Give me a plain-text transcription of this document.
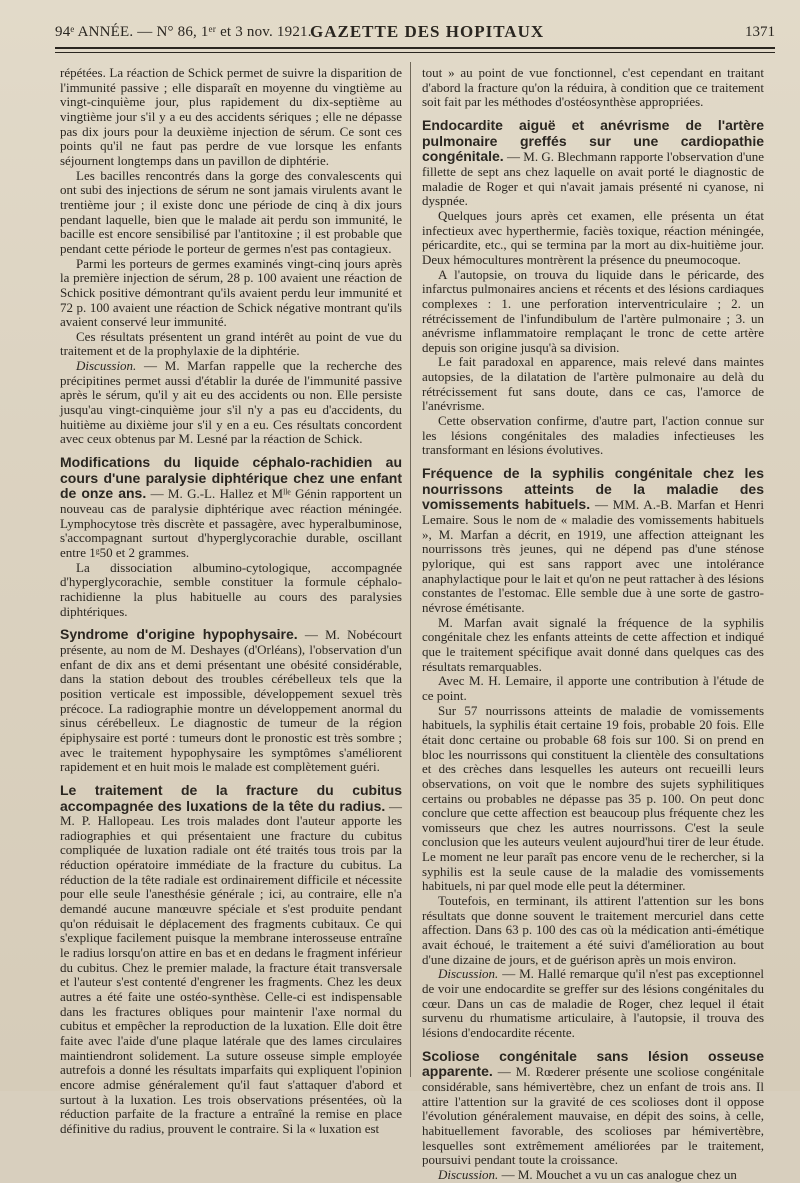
94ᵉ ANNÉE. — N° 86, 1ᵉʳ et 3 nov. 1921.
GAZETTE DES HOPITAUX	1371

répétées. La réaction de Schick permet de suivre la disparition de l'immunité passive ; elle disparaît en moyenne du vingtième au vingt-cinquième jour, plus rapidement du dix-septième au vingtième jour s'il y a eu des accidents sériques ; elle ne dépasse pas dix jours pour la deuxième injection de sérum. Ce sont ces points qu'il ne faut pas perdre de vue lorsque les enfants séjournent longtemps dans un pavillon de diphtérie.

Les bacilles rencontrés dans la gorge des convalescents qui ont subi des injections de sérum ne sont jamais virulents avant le trentième jour ; il existe donc une période de cinq à dix jours pendant laquelle, bien que le malade ait perdu son immunité, le bacille est encore sensibilisé par l'antitoxine ; il est probable que pendant cette période le porteur de germes n'est pas contagieux.

Parmi les porteurs de germes examinés vingt-cinq jours après la première injection de sérum, 28 p. 100 avaient une réaction de Schick positive démontrant qu'ils avaient perdu leur immunité et 72 p. 100 avaient une réaction de Schick négative montrant qu'ils avaient conservé leur immunité.

Ces résultats présentent un grand intérêt au point de vue du traitement et de la prophylaxie de la diphtérie.

Discussion. — M. Marfan rappelle que la recherche des précipitines permet aussi d'établir la durée de l'immunité passive après le sérum, qu'il y ait eu des accidents ou non. Elle persiste jusqu'au vingt-cinquième jour s'il n'y a pas eu d'accidents, du huitième au dixième jour s'il y en a eu. Ces résultats concordent avec ceux obtenus par M. Lesné par la réaction de Schick.

Modifications du liquide céphalo-rachidien au cours d'une paralysie diphtérique chez une enfant de onze ans. — M. G.-L. Hallez et Mˡˡᵉ Génin rapportent un nouveau cas de paralysie diphtérique avec réaction méningée. Lymphocytose très discrète et passagère, avec hyperalbuminose, s'accompagnant surtout d'hyperglycorachie durable, oscillant entre 1ᵍ50 et 2 grammes.

La dissociation albumino-cytologique, accompagnée d'hyperglycorachie, semble constituer la formule céphalo-rachidienne la plus habituelle au cours des paralysies diphtériques.

Syndrome d'origine hypophysaire. — M. Nobécourt présente, au nom de M. Deshayes (d'Orléans), l'observation d'un enfant de dix ans et demi présentant une obésité considérable, dans la station debout des troubles cérébelleux tels que la position verticale est impossible, développement sexuel très précoce. La radiographie montre un développement anormal du sinus cérébelleux. Le diagnostic de tumeur de la région épiphysaire est porté : tumeurs dont le pronostic est très sombre ; avec le traitement hypophysaire les symptômes s'améliorent rapidement et en huit mois le malade est complètement guéri.
Le traitement de la fracture du cubitus accompagnée des luxations de la tête du radius. — M. P. Hallopeau. Les trois malades dont l'auteur apporte les radiographies et qui présentaient une fracture du cubitus compliquée de luxation radiale ont été traités tous trois par la réduction opératoire immédiate de la fracture du cubitus. La réduction de la tête radiale est ordinairement difficile et nécessite pour elle seule l'anesthésie générale ; ici, au contraire, elle n'a demandé aucune manœuvre spéciale et s'est produite pendant qu'on réduisait le déplacement des fragments cubitaux. Ce qui s'explique facilement puisque la membrane interosseuse entraîne le radius lorsqu'on attire en bas et en dedans le fragment inférieur du cubitus. Chez le premier malade, la fracture était transversale et l'auteur s'est contenté d'engrener les fragments. Chez les deux autres a été faite une ostéo-synthèse. Celle-ci est indispensable dans les fractures obliques pour maintenir l'axe normal du cubitus et empêcher la reproduction de la luxation. Elle doit être faite avec l'aide d'une plaque latérale que des lames circulaires maintiendront solidement. La suture osseuse simple employée autrefois a donné les résultats imparfaits qui expliquent l'opinion encore admise généralement qu'il faut s'attaquer d'abord et surtout à la luxation. Les trois observations présentées, où la réduction parfaite de la fracture a entraîné la remise en place définitive du radius, prouvent le contraire. Si la « luxation est

tout » au point de vue fonctionnel, c'est cependant en traitant d'abord la fracture qu'on la réduira, à condition que ce traitement soit fait par les méthodes d'ostéosynthèse appropriées.

Endocardite aiguë et anévrisme de l'artère pulmonaire greffés sur une cardiopathie congénitale. — M. G. Blechmann rapporte l'observation d'une fillette de sept ans chez laquelle on avait porté le diagnostic de maladie de Roger et qui n'avait jamais présenté ni cyanose, ni dyspnée.

Quelques jours après cet examen, elle présenta un état infectieux avec hyperthermie, faciès toxique, réaction méningée, péricardite, etc., qui se termina par la mort au dix-huitième jour. Deux hémocultures montrèrent la présence du pneumocoque.

A l'autopsie, on trouva du liquide dans le péricarde, des infarctus pulmonaires anciens et récents et des lésions cardiaques complexes : 1. une perforation interventriculaire ; 2. un rétrécissement de l'infundibulum de l'artère pulmonaire ; 3. un anévrisme inflammatoire remplaçant le tronc de cette artère depuis son origine jusqu'à sa division.

Le fait paradoxal en apparence, mais relevé dans maintes autopsies, de la dilatation de l'artère pulmonaire au delà du rétrécissement fut sans doute, dans ce cas, l'amorce de l'anévrisme.

Cette observation confirme, d'autre part, l'action connue sur les lésions congénitales des maladies infectieuses les transformant en lésions évolutives.

Fréquence de la syphilis congénitale chez les nourrissons atteints de la maladie des vomissements habituels. — MM. A.-B. Marfan et Henri Lemaire. Sous le nom de « maladie des vomissements habituels », M. Marfan a décrit, en 1919, une affection atteignant les nourrissons très jeunes, qui ne dépend pas d'une sténose pylorique, qui est sans rapport avec une intolérance anaphylactique pour le lait et qu'on ne peut rattacher à des lésions constantes de l'estomac. Elle semble due à une sorte de gastro-névrose émétisante.

M. Marfan avait signalé la fréquence de la syphilis congénitale chez les enfants atteints de cette affection et indiqué que le traitement spécifique avait donné dans quelques cas des résultats remarquables.

Avec M. H. Lemaire, il apporte une contribution à l'étude de ce point.

Sur 57 nourrissons atteints de maladie de vomissements habituels, la syphilis était certaine 19 fois, probable 20 fois. Elle était donc certaine ou probable 68 fois sur 100. Si on prend en bloc les nourrissons qui constituent la clientèle des consultations et des crèches dans lesquelles les auteurs ont recueilli leurs observations, on voit que le nombre des sujets syphilitiques certains ou probables ne dépasse pas 35 p. 100. On peut donc conclure que cette affection est beaucoup plus fréquente chez les vomisseurs que chez les autres nourrissons. C'est la seule conclusion que les auteurs veulent aujourd'hui tirer de leur étude. Le moment ne leur paraît pas encore venu de le rechercher, si la syphilis est la seule cause de la maladie des vomissements habituels, ni par quel mode elle peut la déterminer.

Toutefois, en terminant, ils attirent l'attention sur les bons résultats que donne souvent le traitement mercuriel dans cette affection. Dans 63 p. 100 des cas où la médication anti-émétique avait échoué, le traitement a été suivi d'amélioration au bout d'une dizaine de jours, et de guérison après un mois environ.

Discussion. — M. Hallé remarque qu'il n'est pas exceptionnel de voir une endocardite se greffer sur des lésions congénitales du cœur. Dans un cas de maladie de Roger, chez lequel il était survenu du rhumatisme articulaire, à l'autopsie, il trouva des lésions d'endocardite récente.

Scoliose congénitale sans lésion osseuse apparente. — M. Rœderer présente une scoliose congénitale considérable, sans hémivertèbre, chez un enfant de trois ans. Il attire l'attention sur la gravité de ces scolioses dont il oppose l'évolution généralement mauvaise, en dépit des soins, à celle, habituellement favorable, des scolioses par hémivertèbre, lesquelles sont extrêmement améliorées par le traitement, poursuivi pendant toute la croissance.

Discussion. — M. Mouchet a vu un cas analogue chez un
